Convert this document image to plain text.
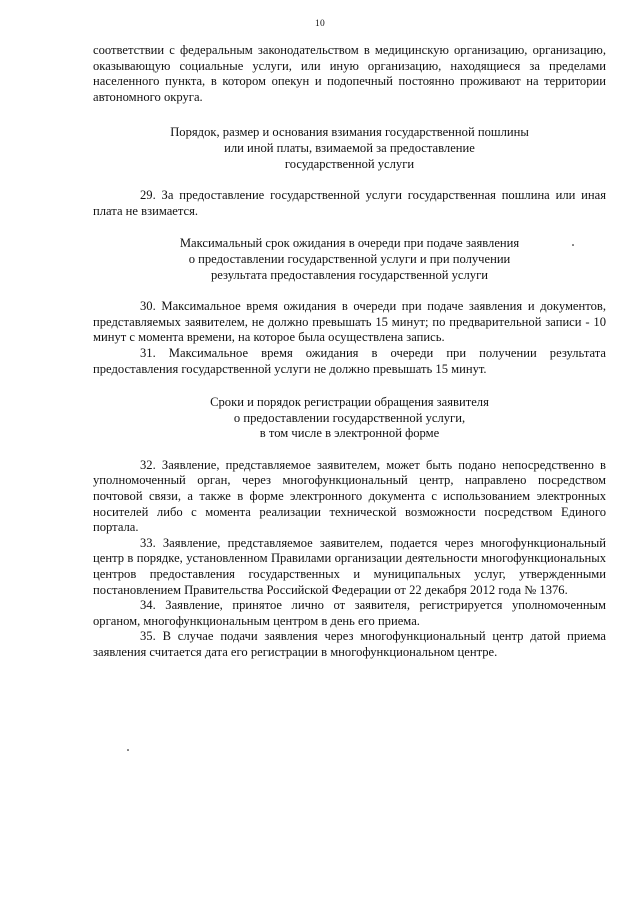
10

соответствии с федеральным законодательством в медицинскую организацию, организацию, оказывающую социальные услуги, или иную организацию, находящиеся за пределами населенного пункта, в котором опекун и подопечный постоянно проживают на территории автономного округа.

Порядок, размер и основания взимания государственной пошлины
или иной платы, взимаемой за предоставление
государственной услуги

29. За предоставление государственной услуги государственная пошлина или иная плата не взимается.

Максимальный срок ожидания в очереди при подаче заявления
о предоставлении государственной услуги и при получении
результата предоставления государственной услуги

30. Максимальное время ожидания в очереди при подаче заявления и документов, представляемых заявителем, не должно превышать 15 минут; по предварительной записи - 10 минут с момента времени, на которое была осуществлена запись.

31. Максимальное время ожидания в очереди при получении результата предоставления государственной услуги не должно превышать 15 минут.

Сроки и порядок регистрации обращения заявителя
о предоставлении государственной услуги,
в том числе в электронной форме

32. Заявление, представляемое заявителем, может быть подано непосредственно в уполномоченный орган, через многофункциональный центр, направлено посредством почтовой связи, а также в форме электронного документа с использованием электронных носителей либо с момента реализации технической возможности посредством Единого портала.

33. Заявление, представляемое заявителем, подается через многофункциональный центр в порядке, установленном Правилами организации деятельности многофункциональных центров предоставления государственных и муниципальных услуг, утвержденными постановлением Правительства Российской Федерации от 22 декабря 2012 года № 1376.

34. Заявление, принятое лично от заявителя, регистрируется уполномоченным органом, многофункциональным центром в день его приема.

35. В случае подачи заявления через многофункциональный центр датой приема заявления считается дата его регистрации в многофункциональном центре.
